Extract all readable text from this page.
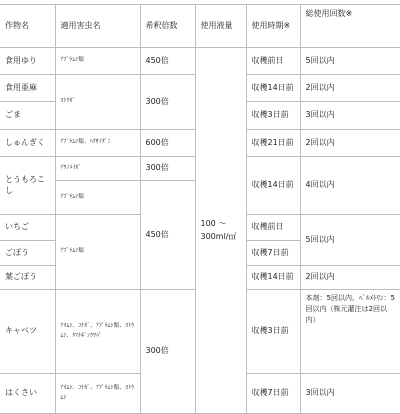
作物名	適用害虫名	希釈倍数	使用液量	使用時期※	総使用回数※
食用ゆり	ｱﾌﾞﾗﾑｼ類	450倍	100 ～ 300ml/㎡	収穫前日	5回以内
食用亜麻	ﾖﾄｳｶﾞ	300倍		収穫14日前	2回以内
ごま				収穫3日前	3回以内
しゅんぎく	ｱﾌﾞﾗﾑｼ類、ﾊｸｻｲﾀﾞﾆ	600倍		収穫21日前	2回以内
とうもろこし	ｱﾜﾉﾒｲｶﾞ	300倍		収穫14日前	4回以内
	ｱﾌﾞﾗﾑｼ類	450倍			
いちご	ｱﾌﾞﾗﾑｼ類			収穫前日	5回以内
ごぼう				収穫7日前	
葉ごぼう				収穫14日前	2回以内
キャベツ	ｱｵﾑｼ、ｺﾅｶﾞ、ｱﾌﾞﾗﾑｼ類、ﾖﾄｳﾑｼ、ﾀﾏﾅｷﾞﾝｳﾜﾊﾞ	300倍		収穫3日前	本剤：5回以内。ﾍﾟﾙﾒﾄﾘﾝ：5回以内（株元灌注は2回以内）
はくさい	ｱｵﾑｼ、ｺﾅｶﾞ、ｱﾌﾞﾗﾑｼ類、ﾖﾄｳﾑｼ			収穫7日前	3回以内
